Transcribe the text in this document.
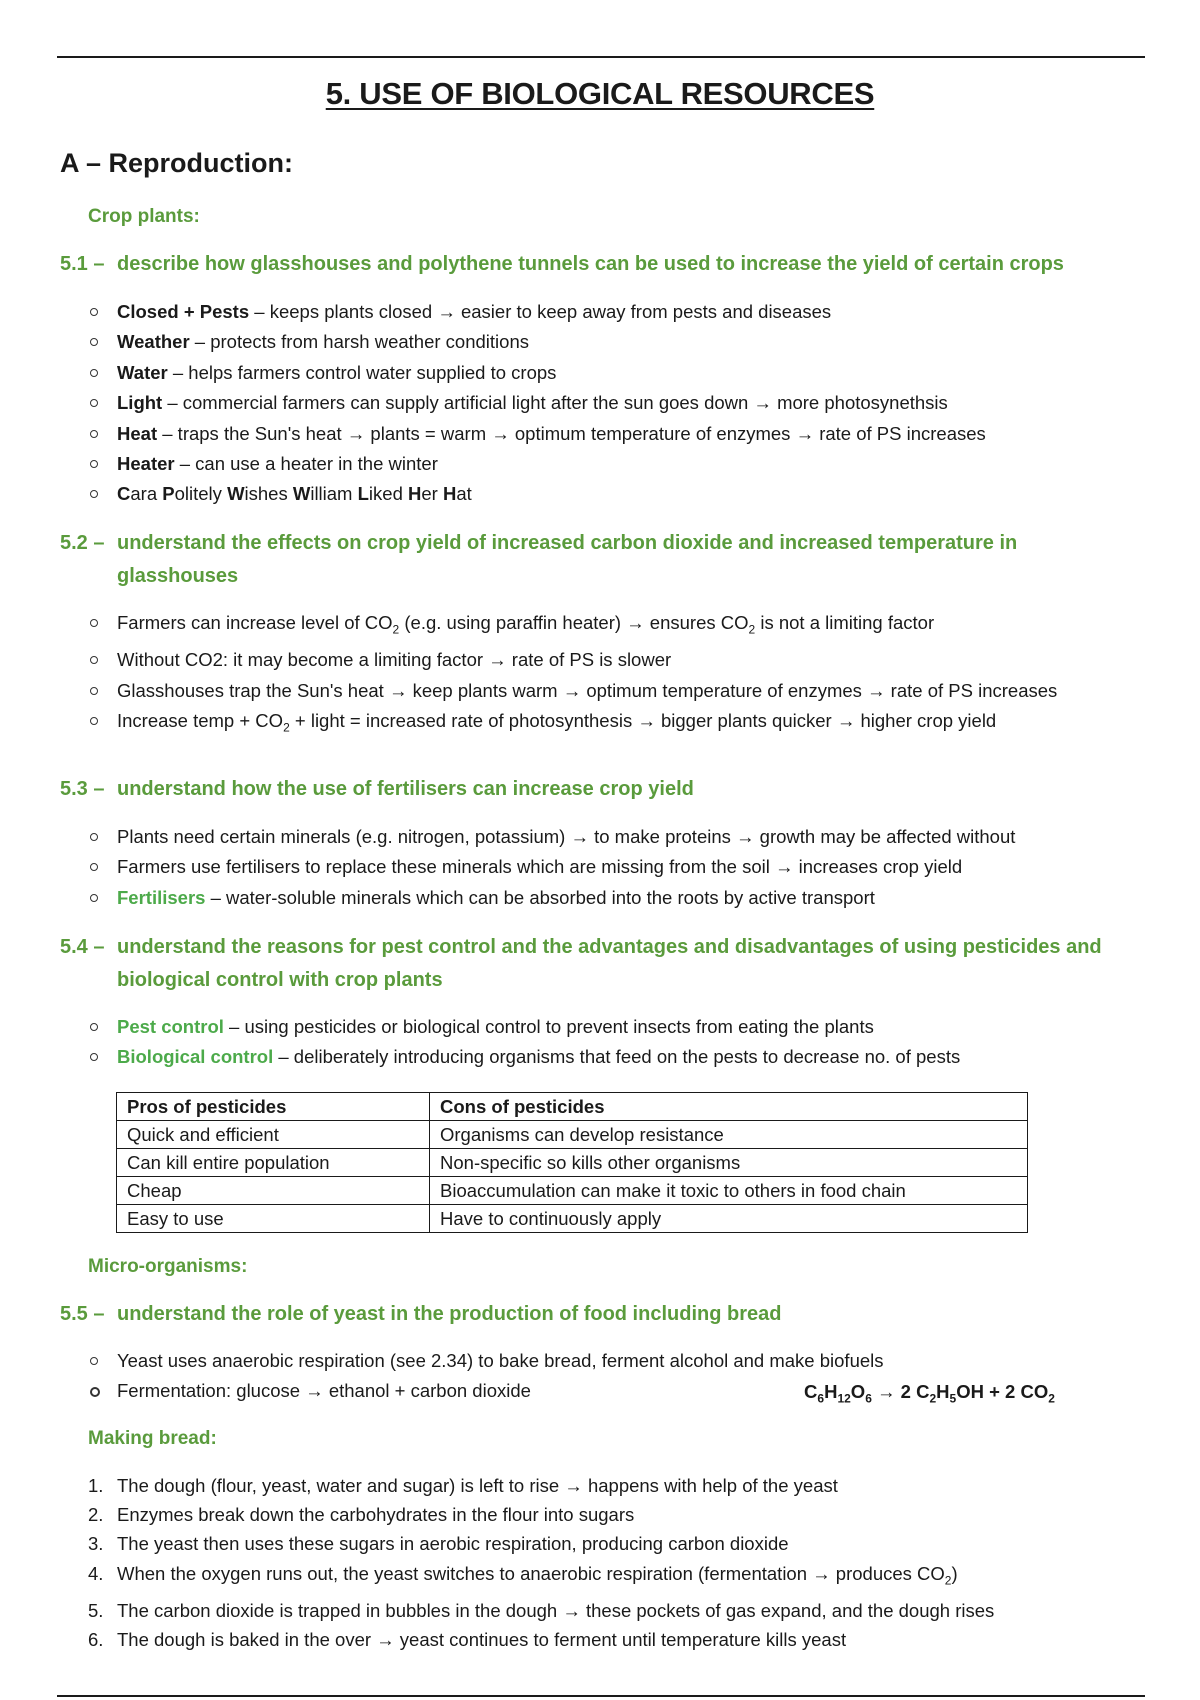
5. USE OF BIOLOGICAL RESOURCES
A – Reproduction:
Crop plants:
5.1 – describe how glasshouses and polythene tunnels can be used to increase the yield of certain crops
Closed + Pests – keeps plants closed → easier to keep away from pests and diseases
Weather – protects from harsh weather conditions
Water – helps farmers control water supplied to crops
Light – commercial farmers can supply artificial light after the sun goes down → more photosynethsis
Heat – traps the Sun's heat → plants = warm → optimum temperature of enzymes → rate of PS increases
Heater – can use a heater in the winter
Cara Politely Wishes William Liked Her Hat
5.2 – understand the effects on crop yield of increased carbon dioxide and increased temperature in
glasshouses
Farmers can increase level of $CO_2$ (e.g. using paraffin heater) → ensures $CO_2$ is not a limiting factor
Without CO2: it may become a limiting factor → rate of PS is slower
Glasshouses trap the Sun's heat → keep plants warm → optimum temperature of enzymes → rate of PS increases
Increase temp + $CO_2$ + light = increased rate of photosynthesis → bigger plants quicker → higher crop yield
5.3 – understand how the use of fertilisers can increase crop yield
Plants need certain minerals (e.g. nitrogen, potassium) → to make proteins → growth may be affected without
Farmers use fertilisers to replace these minerals which are missing from the soil → increases crop yield
Fertilisers – water-soluble minerals which can be absorbed into the roots by active transport
5.4 – understand the reasons for pest control and the advantages and disadvantages of using pesticides and
biological control with crop plants
Pest control – using pesticides or biological control to prevent insects from eating the plants
Biological control – deliberately introducing organisms that feed on the pests to decrease no. of pests
Pros of pesticides	Cons of pesticides
Quick and efficient	Organisms can develop resistance
Can kill entire population	Non-specific so kills other organisms
Cheap	Bioaccumulation can make it toxic to others in food chain
Easy to use	Have to continuously apply
Micro-organisms:
5.5 – understand the role of yeast in the production of food including bread
Yeast uses anaerobic respiration (see 2.34) to bake bread, ferment alcohol and make biofuels
Fermentation: glucose → ethanol + carbon dioxide	$C_6H_{12}O_6 \to 2$ $C_2H_5OH + 2$ $CO_2$
Making bread:
1. The dough (flour, yeast, water and sugar) is left to rise → happens with help of the yeast
2. Enzymes break down the carbohydrates in the flour into sugars
3. The yeast then uses these sugars in aerobic respiration, producing carbon dioxide
4. When the oxygen runs out, the yeast switches to anaerobic respiration (fermentation → produces $CO_2$)
5. The carbon dioxide is trapped in bubbles in the dough → these pockets of gas expand, and the dough rises
6. The dough is baked in the over → yeast continues to ferment until temperature kills yeast
